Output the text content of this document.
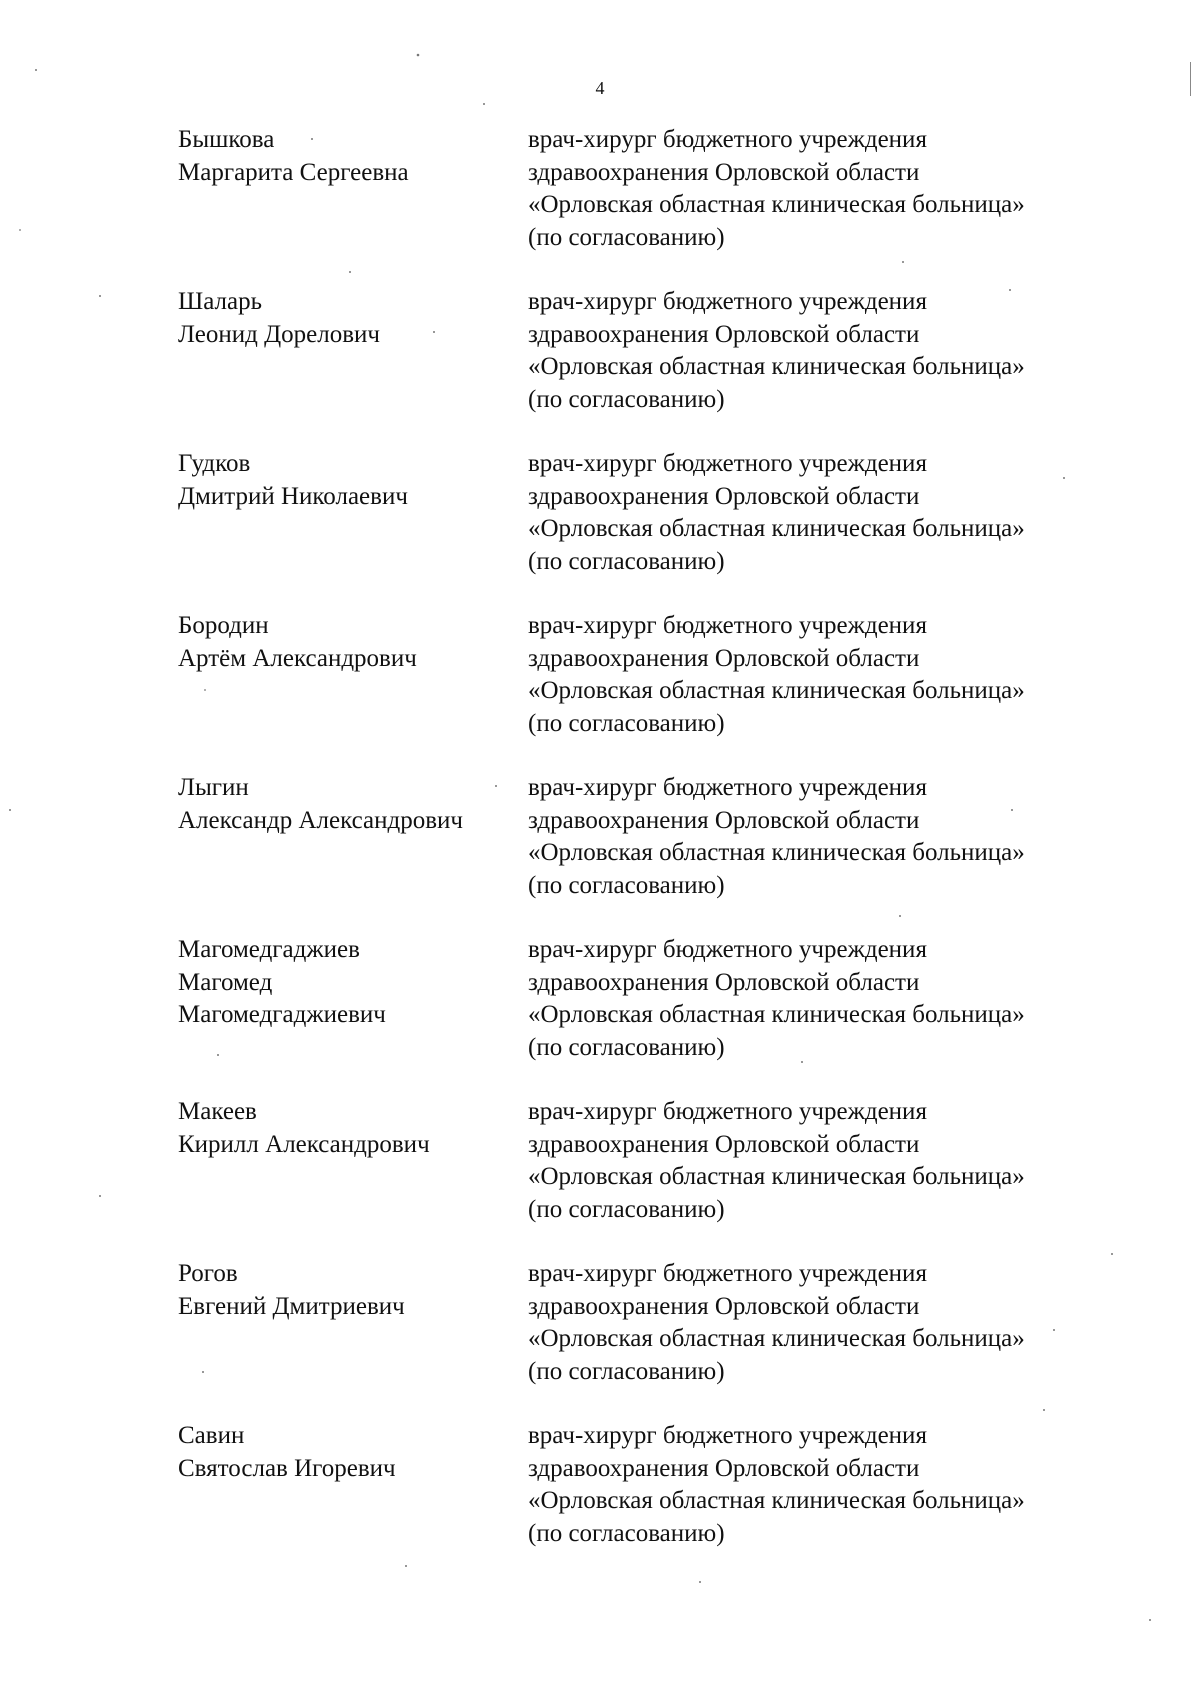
4
Бышкова
Маргарита Сергеевна
врач-хирург бюджетного учреждения
здравоохранения Орловской области
«Орловская областная клиническая больница»
(по согласованию)
Шаларь
Леонид Дорелович
врач-хирург бюджетного учреждения
здравоохранения Орловской области
«Орловская областная клиническая больница»
(по согласованию)
Гудков
Дмитрий Николаевич
врач-хирург бюджетного учреждения
здравоохранения Орловской области
«Орловская областная клиническая больница»
(по согласованию)
Бородин
Артём Александрович
врач-хирург бюджетного учреждения
здравоохранения Орловской области
«Орловская областная клиническая больница»
(по согласованию)
Лыгин
Александр Александрович
врач-хирург бюджетного учреждения
здравоохранения Орловской области
«Орловская областная клиническая больница»
(по согласованию)
Магомедгаджиев
Магомед
Магомедгаджиевич
врач-хирург бюджетного учреждения
здравоохранения Орловской области
«Орловская областная клиническая больница»
(по согласованию)
Макеев
Кирилл Александрович
врач-хирург бюджетного учреждения
здравоохранения Орловской области
«Орловская областная клиническая больница»
(по согласованию)
Рогов
Евгений Дмитриевич
врач-хирург бюджетного учреждения
здравоохранения Орловской области
«Орловская областная клиническая больница»
(по согласованию)
Савин
Святослав Игоревич
врач-хирург бюджетного учреждения
здравоохранения Орловской области
«Орловская областная клиническая больница»
(по согласованию)
